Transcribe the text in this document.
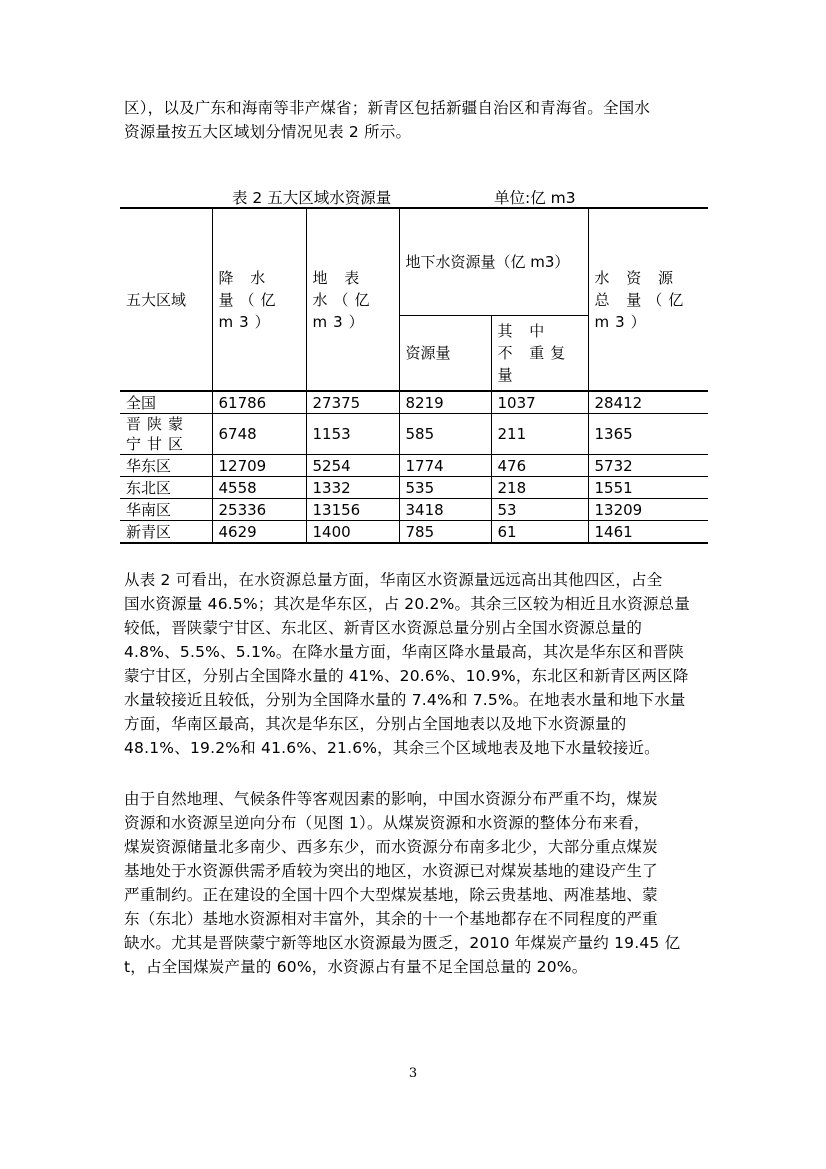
区），以及广东和海南等非产煤省；新青区包括新疆自治区和青海省。全国水
资源量按五大区域划分情况见表 2 所示。
表 2 五大区域水资源量	单位:亿 m3
五大区域	降 水 量（亿 m3）	地 表 水（亿 m3）	地下水资源量（亿 m3）		水 资 源 总 量（亿 m3）
			资源量	其 中 不 重复量	
全国	61786	27375	8219	1037	28412
晋陕蒙宁甘区	6748	1153	585	211	1365
华东区	12709	5254	1774	476	5732
东北区	4558	1332	535	218	1551
华南区	25336	13156	3418	53	13209
新青区	4629	1400	785	61	1461
从表 2 可看出，在水资源总量方面，华南区水资源量远远高出其他四区，占全
国水资源量 46.5%；其次是华东区，占 20.2%。其余三区较为相近且水资源总量
较低，晋陕蒙宁甘区、东北区、新青区水资源总量分别占全国水资源总量的
4.8%、5.5%、5.1%。在降水量方面，华南区降水量最高，其次是华东区和晋陕
蒙宁甘区，分别占全国降水量的 41%、20.6%、10.9%，东北区和新青区两区降
水量较接近且较低，分别为全国降水量的 7.4%和 7.5%。在地表水量和地下水量
方面，华南区最高，其次是华东区，分别占全国地表以及地下水资源量的
48.1%、19.2%和 41.6%、21.6%，其余三个区域地表及地下水量较接近。
由于自然地理、气候条件等客观因素的影响，中国水资源分布严重不均，煤炭
资源和水资源呈逆向分布（见图 1）。从煤炭资源和水资源的整体分布来看，
煤炭资源储量北多南少、西多东少，而水资源分布南多北少，大部分重点煤炭
基地处于水资源供需矛盾较为突出的地区，水资源已对煤炭基地的建设产生了
严重制约。正在建设的全国十四个大型煤炭基地，除云贵基地、两准基地、蒙
东（东北）基地水资源相对丰富外，其余的十一个基地都存在不同程度的严重
缺水。尤其是晋陕蒙宁新等地区水资源最为匮乏，2010 年煤炭产量约 19.45 亿
t，占全国煤炭产量的 60%，水资源占有量不足全国总量的 20%。
3
